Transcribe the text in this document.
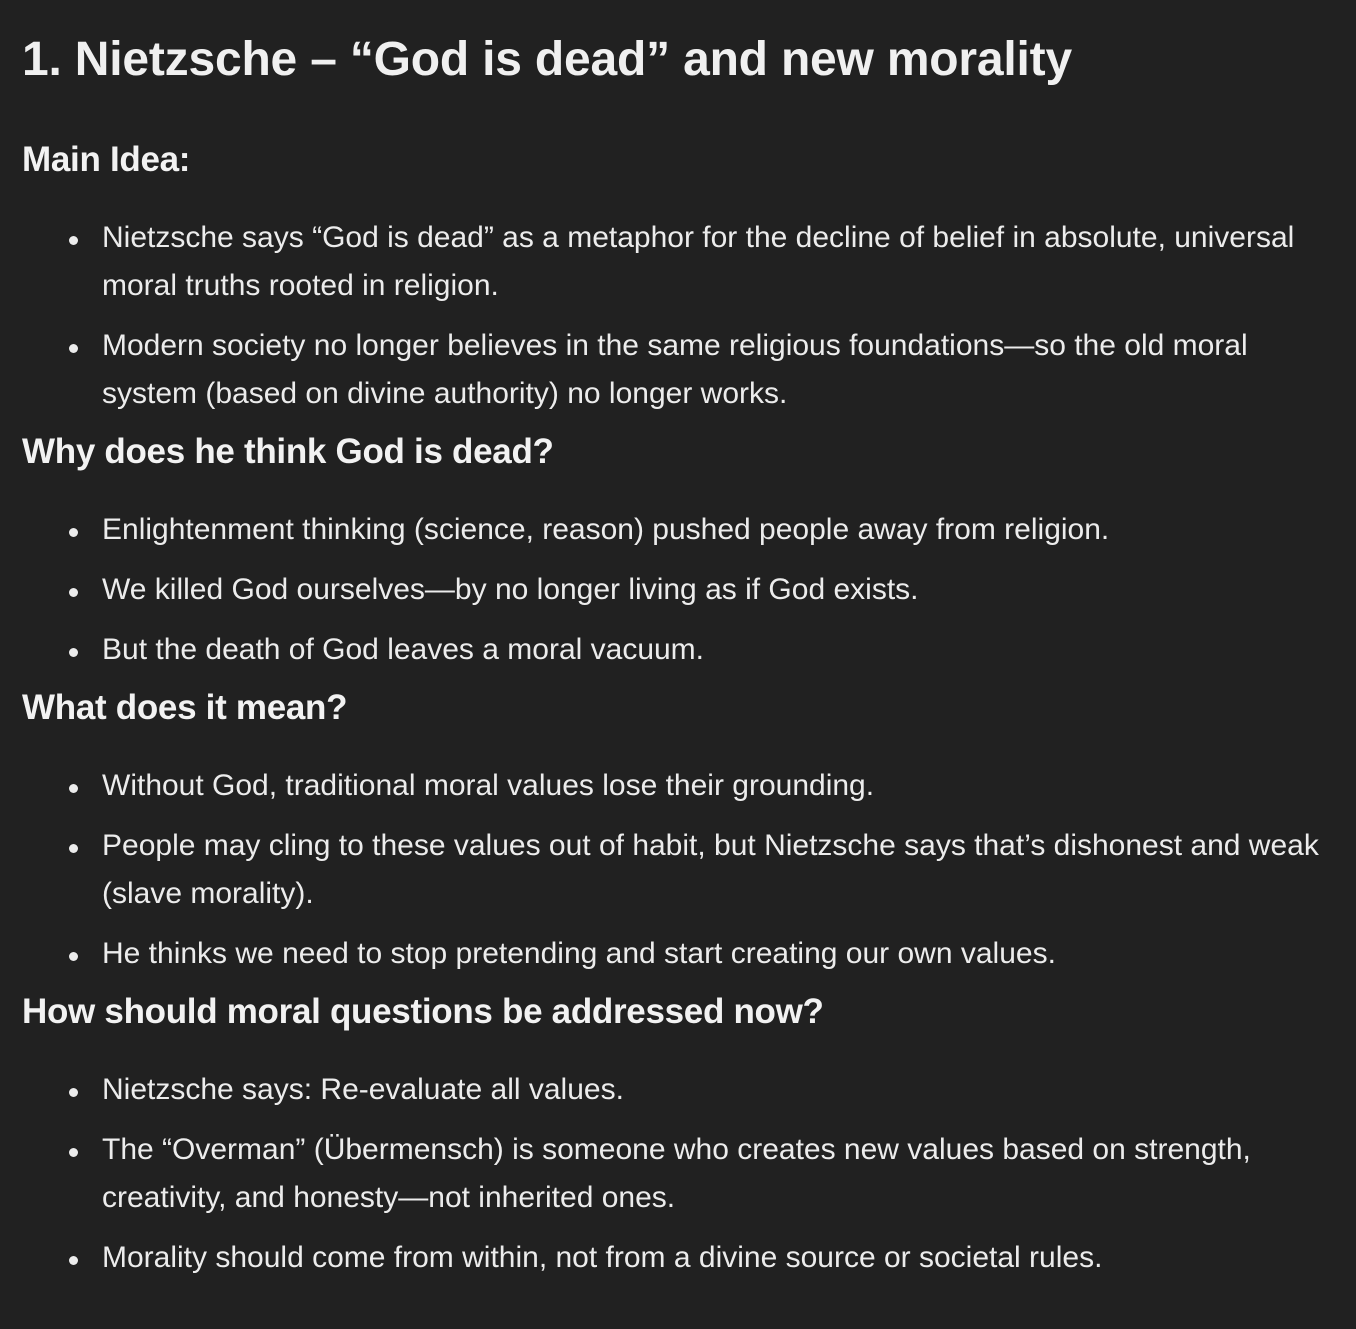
1. Nietzsche – “God is dead” and new morality
Main Idea:
Nietzsche says “God is dead” as a metaphor for the decline of belief in absolute, universal moral truths rooted in religion.
Modern society no longer believes in the same religious foundations—so the old moral system (based on divine authority) no longer works.
Why does he think God is dead?
Enlightenment thinking (science, reason) pushed people away from religion.
We killed God ourselves—by no longer living as if God exists.
But the death of God leaves a moral vacuum.
What does it mean?
Without God, traditional moral values lose their grounding.
People may cling to these values out of habit, but Nietzsche says that’s dishonest and weak (slave morality).
He thinks we need to stop pretending and start creating our own values.
How should moral questions be addressed now?
Nietzsche says: Re-evaluate all values.
The “Overman” (Übermensch) is someone who creates new values based on strength, creativity, and honesty—not inherited ones.
Morality should come from within, not from a divine source or societal rules.
